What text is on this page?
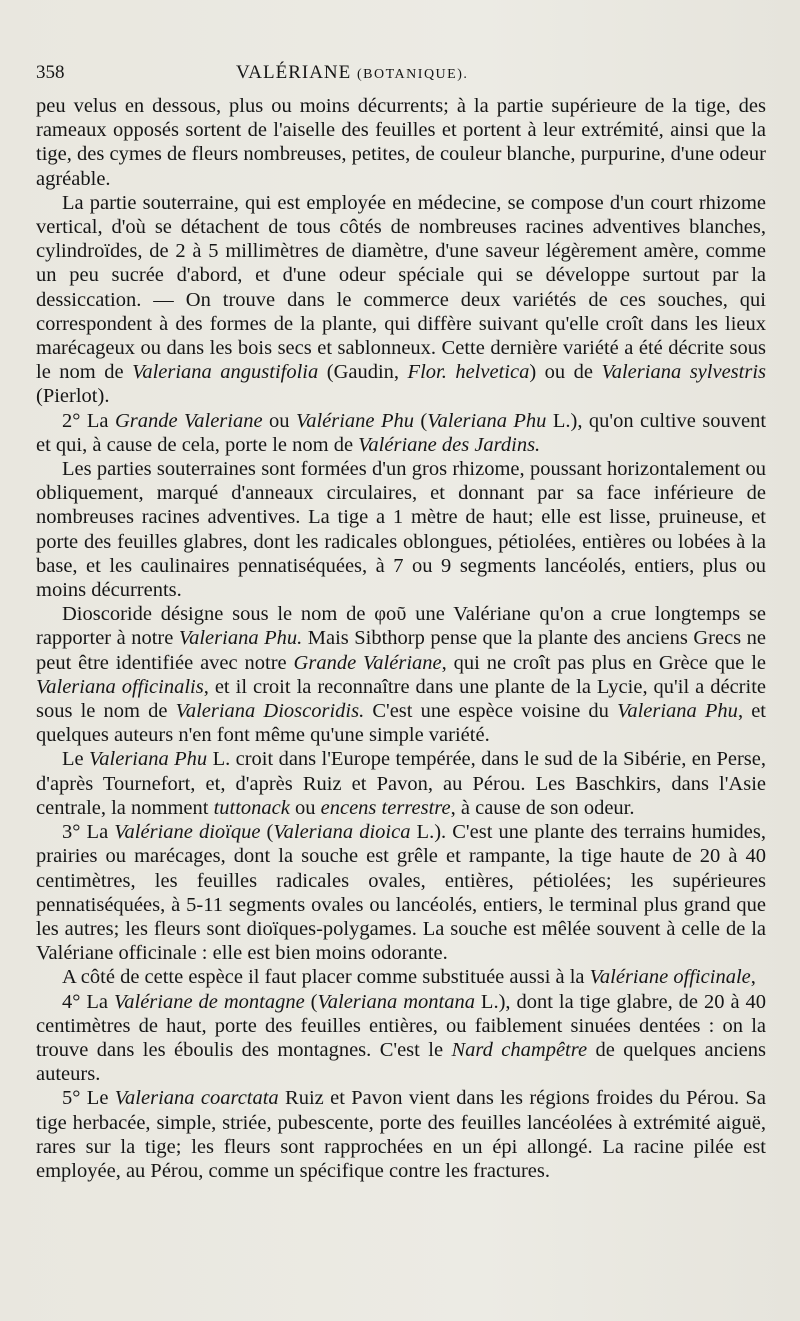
358	VALÉRIANE (BOTANIQUE).

peu velus en dessous, plus ou moins décurrents; à la partie supérieure de la tige, des rameaux opposés sortent de l'aiselle des feuilles et portent à leur extrémité, ainsi que la tige, des cymes de fleurs nombreuses, petites, de couleur blanche, purpurine, d'une odeur agréable.

La partie souterraine, qui est employée en médecine, se compose d'un court rhizome vertical, d'où se détachent de tous côtés de nombreuses racines adventives blanches, cylindroïdes, de 2 à 5 millimètres de diamètre, d'une saveur légèrement amère, comme un peu sucrée d'abord, et d'une odeur spéciale qui se développe surtout par la dessiccation. — On trouve dans le commerce deux variétés de ces souches, qui correspondent à des formes de la plante, qui diffère suivant qu'elle croît dans les lieux marécageux ou dans les bois secs et sablonneux. Cette dernière variété a été décrite sous le nom de Valeriana angustifolia (Gaudin, Flor. helvetica) ou de Valeriana sylvestris (Pierlot).

2° La Grande Valeriane ou Valériane Phu (Valeriana Phu L.), qu'on cultive souvent et qui, à cause de cela, porte le nom de Valériane des Jardins.

Les parties souterraines sont formées d'un gros rhizome, poussant horizontalement ou obliquement, marqué d'anneaux circulaires, et donnant par sa face inférieure de nombreuses racines adventives. La tige a 1 mètre de haut; elle est lisse, pruineuse, et porte des feuilles glabres, dont les radicales oblongues, pétiolées, entières ou lobées à la base, et les caulinaires pennatiséquées, à 7 ou 9 segments lancéolés, entiers, plus ou moins décurrents.

Dioscoride désigne sous le nom de φοῦ une Valériane qu'on a crue longtemps se rapporter à notre Valeriana Phu. Mais Sibthorp pense que la plante des anciens Grecs ne peut être identifiée avec notre Grande Valériane, qui ne croît pas plus en Grèce que le Valeriana officinalis, et il croit la reconnaître dans une plante de la Lycie, qu'il a décrite sous le nom de Valeriana Dioscoridis. C'est une espèce voisine du Valeriana Phu, et quelques auteurs n'en font même qu'une simple variété.

Le Valeriana Phu L. croit dans l'Europe tempérée, dans le sud de la Sibérie, en Perse, d'après Tournefort, et, d'après Ruiz et Pavon, au Pérou. Les Baschkirs, dans l'Asie centrale, la nomment tuttonack ou encens terrestre, à cause de son odeur.

3° La Valériane dioïque (Valeriana dioica L.). C'est une plante des terrains humides, prairies ou marécages, dont la souche est grêle et rampante, la tige haute de 20 à 40 centimètres, les feuilles radicales ovales, entières, pétiolées; les supérieures pennatiséquées, à 5-11 segments ovales ou lancéolés, entiers, le terminal plus grand que les autres; les fleurs sont dioïques-polygames. La souche est mêlée souvent à celle de la Valériane officinale : elle est bien moins odorante.

A côté de cette espèce il faut placer comme substituée aussi à la Valériane officinale,

4° La Valériane de montagne (Valeriana montana L.), dont la tige glabre, de 20 à 40 centimètres de haut, porte des feuilles entières, ou faiblement sinuées dentées : on la trouve dans les éboulis des montagnes. C'est le Nard champêtre de quelques anciens auteurs.

5° Le Valeriana coarctata Ruiz et Pavon vient dans les régions froides du Pérou. Sa tige herbacée, simple, striée, pubescente, porte des feuilles lancéolées à extrémité aiguë, rares sur la tige; les fleurs sont rapprochées en un épi allongé. La racine pilée est employée, au Pérou, comme un spécifique contre les fractures.
